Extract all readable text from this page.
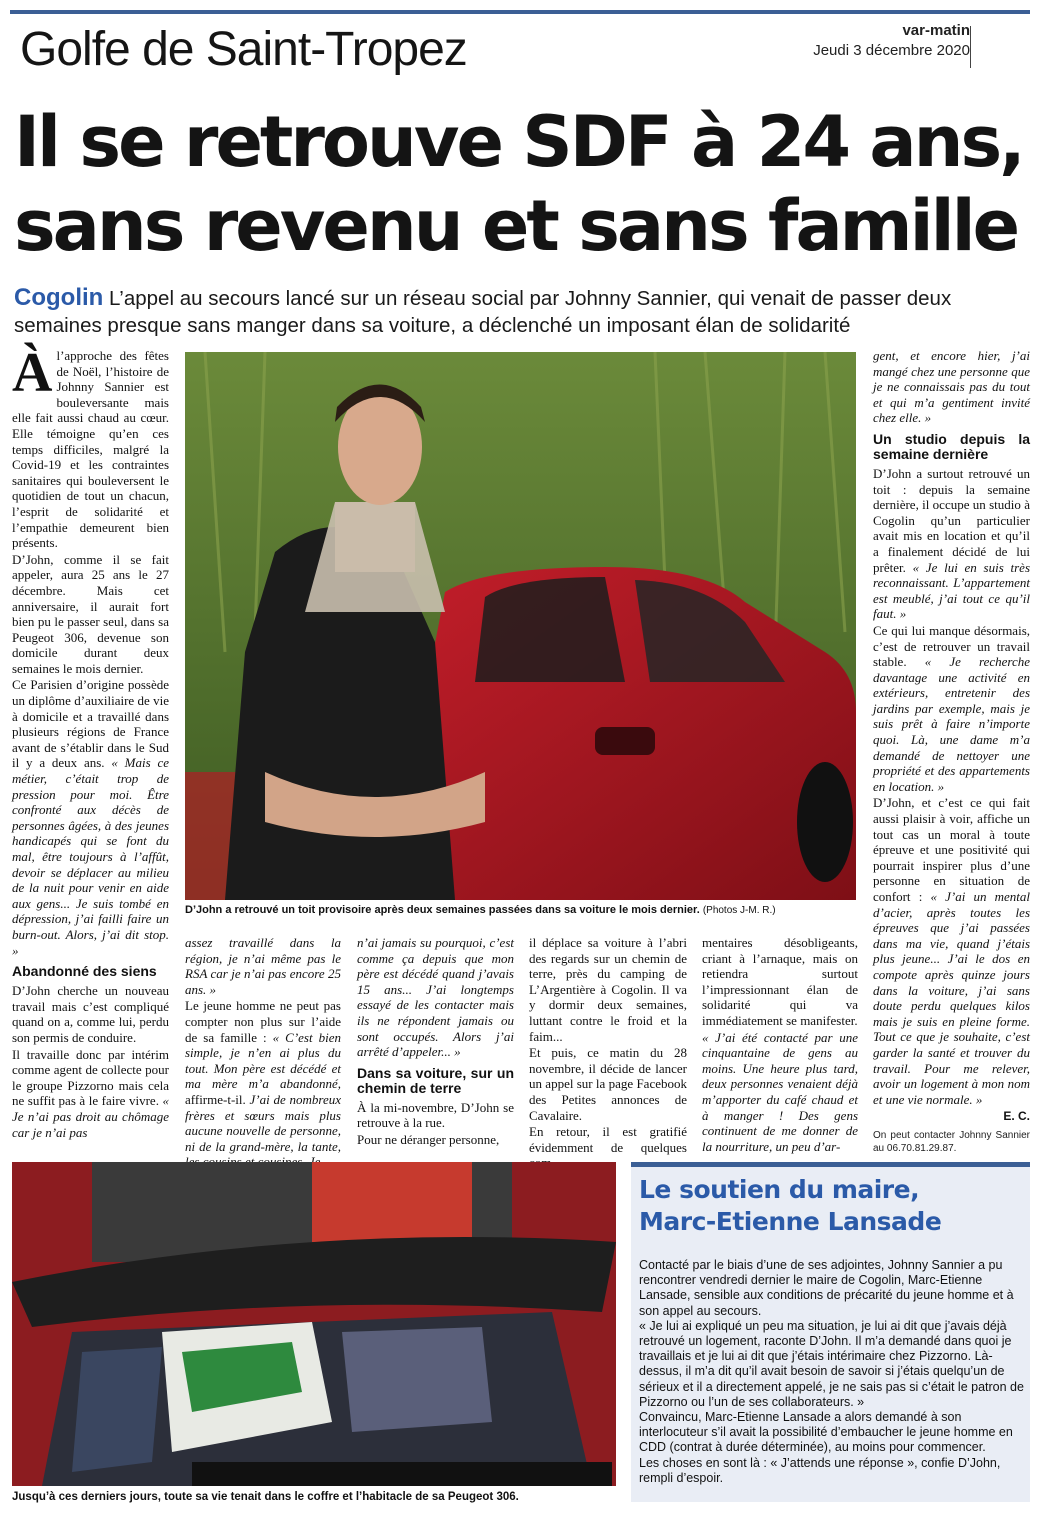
Golfe de Saint-Tropez	var-matin
Jeudi 3 décembre 2020
Il se retrouve SDF à 24 ans,
sans revenu et sans famille
Cogolin L’appel au secours lancé sur un réseau social par Johnny Sannier, qui venait de passer deux semaines presque sans manger dans sa voiture, a déclenché un imposant élan de solidarité

Àl’approche des fêtes de Noël, l’histoire de Johnny Sannier est bouleversante mais elle fait aussi chaud au cœur. Elle témoigne qu’en ces temps difficiles, malgré la Covid-19 et les contraintes sanitaires qui bouleversent le quotidien de tout un chacun, l’esprit de solidarité et l’empathie demeurent bien présents.

D’John, comme il se fait appeler, aura 25 ans le 27 décembre. Mais cet anniversaire, il aurait fort bien pu le passer seul, dans sa Peugeot 306, devenue son domicile durant deux semaines le mois dernier.

Ce Parisien d’origine possède un diplôme d’auxiliaire de vie à domicile et a travaillé dans plusieurs régions de France avant de s’établir dans le Sud il y a deux ans. « Mais ce métier, c’était trop de pression pour moi. Être confronté aux décès de personnes âgées, à des jeunes handicapés qui se font du mal, être toujours à l’affût, devoir se déplacer au milieu de la nuit pour venir en aide aux gens... Je suis tombé en dépression, j’ai failli faire un burn-out. Alors, j’ai dit stop. »

Abandonné des siens

D’John cherche un nouveau travail mais c’est compliqué quand on a, comme lui, perdu son permis de conduire.

Il travaille donc par intérim comme agent de collecte pour le groupe Pizzorno mais cela ne suffit pas à le faire vivre. « Je n’ai pas droit au chômage car je n’ai pas

D’John a retrouvé un toit provisoire après deux semaines passées dans sa voiture le mois dernier. (Photos J-M. R.)

assez travaillé dans la région, je n’ai même pas le RSA car je n’ai pas encore 25 ans. »

Le jeune homme ne peut pas compter non plus sur l’aide de sa famille : « C’est bien simple, je n’en ai plus du tout. Mon père est décédé et ma mère m’a abandonné, affirme-t-il. J’ai de nombreux frères et sœurs mais plus aucune nouvelle de personne, ni de la grand-mère, la tante,

n’ai jamais su pourquoi, c’est comme ça depuis que mon père est décédé quand j’avais 15 ans... J’ai longtemps essayé de les contacter mais ils ne répondent jamais ou sont occupés. Alors j’ai arrêté d’appeler... »

Dans sa voiture, sur un chemin de terre

À la mi-novembre, D’John se retrouve à la rue.

Pour ne déranger personne,

il déplace sa voiture à l’abri des regards sur un chemin de terre, près du camping de L’Argentière à Cogolin. Il va y dormir deux semaines, luttant contre le froid et la faim...

Et puis, ce matin du 28 novembre, il décide de lancer un appel sur la page Facebook des Petites annonces de Cavalaire.

En retour, il est gratifié évidemment de quelques

mentaires désobligeants, criant à l’arnaque, mais on retiendra surtout l’impressionnant élan de solidarité qui va immédiatement se manifester.

« J’ai été contacté par une cinquantaine de gens au moins. Une heure plus tard, deux personnes venaient déjà m’apporter du café chaud et à manger ! Des gens continuent de me donner de la nourriture, un peu d’ar-

gent, et encore hier, j’ai mangé chez une personne que je ne connaissais pas du tout et qui m’a gentiment invité chez elle. »

Un studio depuis la semaine dernière

D’John a surtout retrouvé un toit : depuis la semaine dernière, il occupe un studio à Cogolin qu’un particulier avait mis en location et qu’il a finalement décidé de lui prêter. « Je lui en suis très reconnaissant. L’appartement est meublé, j’ai tout ce qu’il faut. »

Ce qui lui manque désormais, c’est de retrouver un travail stable. « Je recherche davantage une activité en extérieurs, entretenir des jardins par exemple, mais je suis prêt à faire n’importe quoi. Là, une dame m’a demandé de nettoyer une propriété et des appartements en location. »

D’John, et c’est ce qui fait aussi plaisir à voir, affiche un tout cas un moral à toute épreuve et une positivité qui pourrait inspirer plus d’une personne en situation de confort : « J’ai un mental d’acier, après toutes les épreuves que j’ai passées dans ma vie, quand j’étais plus jeune... J’ai le dos en compote après quinze jours dans la voiture, j’ai sans doute perdu quelques kilos mais je suis en pleine forme. Tout ce que je souhaite, c’est garder la santé et trouver du travail. Pour me relever, avoir un logement à mon nom et une vie normale. »

E. C.
On peut contacter Johnny Sannier au 06.70.81.29.87.
Jusqu’à ces derniers jours, toute sa vie tenait dans le coffre et l’habitacle de sa Peugeot 306.
Le soutien du maire,
Marc-Etienne Lansade
Contacté par le biais d’une de ses adjointes, Johnny Sannier a pu rencontrer vendredi dernier le maire de Cogolin, Marc-Etienne Lansade, sensible aux conditions de précarité du jeune homme et à son appel au secours.
« Je lui ai expliqué un peu ma situation, je lui ai dit que j’avais déjà retrouvé un logement, raconte D’John. Il m’a demandé dans quoi je travaillais et je lui ai dit que j’étais intérimaire chez Pizzorno. Là-dessus, il m’a dit qu’il avait besoin de savoir si j’étais quelqu’un de sérieux et il a directement appelé, je ne sais pas si c’était le patron de Pizzorno ou l’un de ses collaborateurs. »
Convaincu, Marc-Etienne Lansade a alors demandé à son interlocuteur s’il avait la possibilité d’embaucher le jeune homme en CDD (contrat à durée déterminée), au moins pour commencer.
Les choses en sont là : « J’attends une réponse », confie D’John, rempli d’espoir.
